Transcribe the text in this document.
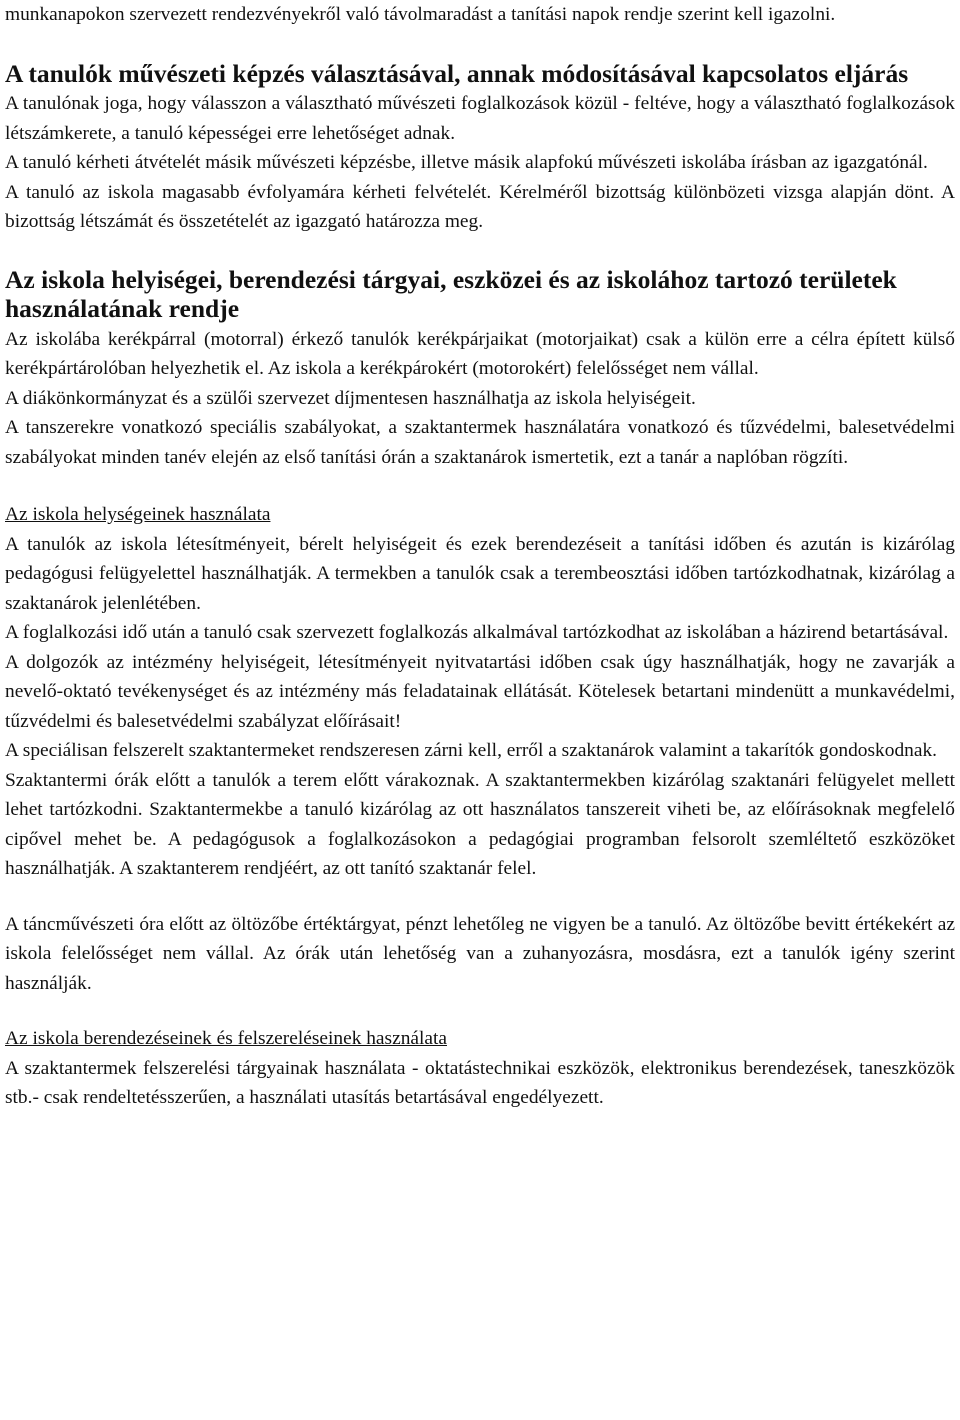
munkanapokon szervezett rendezvényekről való távolmaradást a tanítási napok rendje szerint kell igazolni.

A tanulók művészeti képzés választásával, annak módosításával kapcsolatos eljárás

A tanulónak joga, hogy válasszon a választható művészeti foglalkozások közül - feltéve, hogy a választható foglalkozások létszámkerete, a tanuló képességei erre lehetőséget adnak.

A tanuló kérheti átvételét másik művészeti képzésbe, illetve másik alapfokú művészeti iskolába írásban az igazgatónál.

A tanuló az iskola magasabb évfolyamára kérheti felvételét. Kérelméről bizottság különbözeti vizsga alapján dönt. A bizottság létszámát és összetételét az igazgató határozza meg.

Az iskola helyiségei, berendezési tárgyai, eszközei és az iskolához tartozó területek használatának rendje

Az iskolába kerékpárral (motorral) érkező tanulók kerékpárjaikat (motorjaikat) csak a külön erre a célra épített külső kerékpártárolóban helyezhetik el. Az iskola a kerékpárokért (motorokért) felelősséget nem vállal.

A diákönkormányzat és a szülői szervezet díjmentesen használhatja az iskola helyiségeit.

A tanszerekre vonatkozó speciális szabályokat, a szaktantermek használatára vonatkozó és tűzvédelmi, balesetvédelmi szabályokat minden tanév elején az első tanítási órán a szaktanárok ismertetik, ezt a tanár a naplóban rögzíti.

Az iskola helységeinek használata

A tanulók az iskola létesítményeit, bérelt helyiségeit és ezek berendezéseit a tanítási időben és azután is kizárólag pedagógusi felügyelettel használhatják. A termekben a tanulók csak a terembeosztási időben tartózkodhatnak, kizárólag a szaktanárok jelenlétében.

A foglalkozási idő után a tanuló csak szervezett foglalkozás alkalmával tartózkodhat az iskolában a házirend betartásával.

A dolgozók az intézmény helyiségeit, létesítményeit nyitvatartási időben csak úgy használhatják, hogy ne zavarják a nevelő-oktató tevékenységet és az intézmény más feladatainak ellátását. Kötelesek betartani mindenütt a munkavédelmi, tűzvédelmi és balesetvédelmi szabályzat előírásait!

A speciálisan felszerelt szaktantermeket rendszeresen zárni kell, erről a szaktanárok valamint a takarítók gondoskodnak.

Szaktantermi órák előtt a tanulók a terem előtt várakoznak. A szaktantermekben kizárólag szaktanári felügyelet mellett lehet tartózkodni. Szaktantermekbe a tanuló kizárólag az ott használatos tanszereit viheti be, az előírásoknak megfelelő cipővel mehet be. A pedagógusok a foglalkozásokon a pedagógiai programban felsorolt szemléltető eszközöket használhatják. A szaktanterem rendjéért, az ott tanító szaktanár felel.

A táncművészeti óra előtt az öltözőbe értéktárgyat, pénzt lehetőleg ne vigyen be a tanuló. Az öltözőbe bevitt értékekért az iskola felelősséget nem vállal. Az órák után lehetőség van a zuhanyozásra, mosdásra, ezt a tanulók igény szerint használják.

Az iskola berendezéseinek és felszereléseinek használata

A szaktantermek felszerelési tárgyainak használata - oktatástechnikai eszközök, elektronikus berendezések, taneszközök stb.- csak rendeltetésszerűen, a használati utasítás betartásával engedélyezett.
